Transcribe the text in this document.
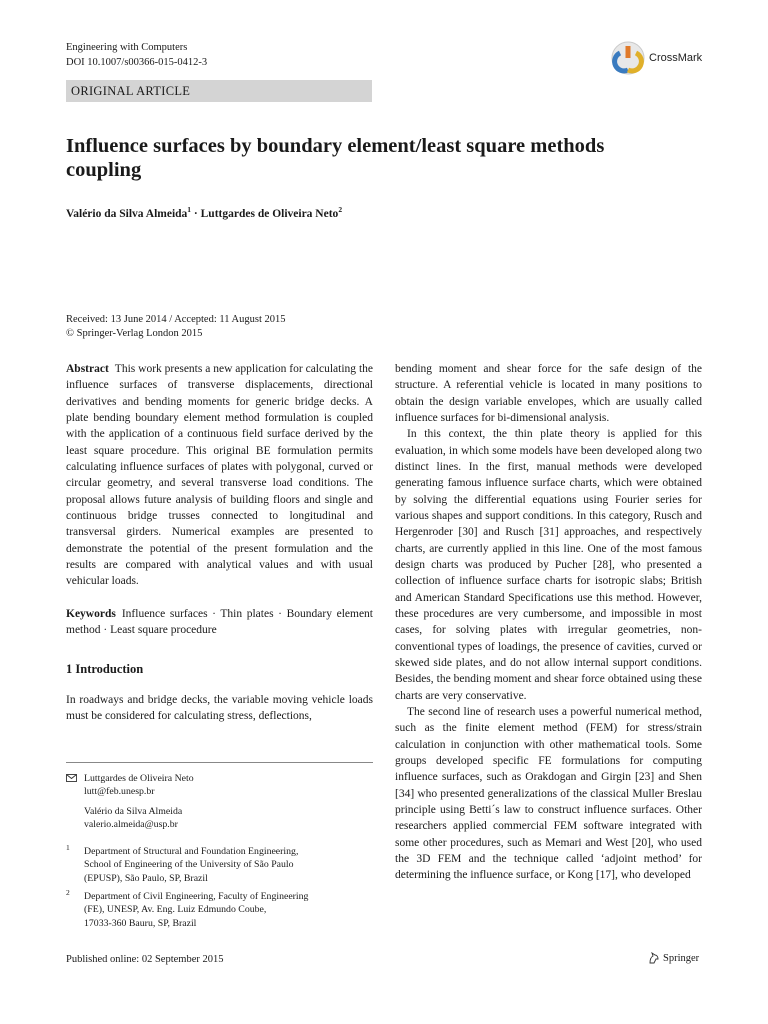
Engineering with Computers
DOI 10.1007/s00366-015-0412-3	CrossMark
ORIGINAL ARTICLE
Influence surfaces by boundary element/least square methods coupling
Valério da Silva Almeida$^1$ · Luttgardes de Oliveira Neto$^2$
Received: 13 June 2014 / Accepted: 11 August 2015
© Springer-Verlag London 2015

Abstract This work presents a new application for calculating the influence surfaces of transverse displacements, directional derivatives and bending moments for generic bridge decks. A plate bending boundary element method formulation is coupled with the application of a continuous field surface derived by the least square procedure. This original BE formulation permits calculating influence surfaces of plates with polygonal, curved or circular geometry, and several transverse load conditions. The proposal allows future analysis of building floors and single and continuous bridge trusses connected to longitudinal and transversal girders. Numerical examples are presented to demonstrate the potential of the present formulation and the results are compared with analytical values and with usual vehicular loads.

Keywords Influence surfaces · Thin plates · Boundary element method · Least square procedure

1 Introduction

In roadways and bridge decks, the variable moving vehicle loads must be considered for calculating stress, deflections,

Luttgardes de Oliveira Neto
lutt@feb.unesp.br
Valério da Silva Almeida
valerio.almeida@usp.br
1 Department of Structural and Foundation Engineering,
School of Engineering of the University of São Paulo
(EPUSP), São Paulo, SP, Brazil
2 Department of Civil Engineering, Faculty of Engineering
(FE), UNESP, Av. Eng. Luiz Edmundo Coube,
17033-360 Bauru, SP, Brazil

bending moment and shear force for the safe design of the structure. A referential vehicle is located in many positions to obtain the design variable envelopes, which are usually called influence surfaces for bi-dimensional analysis.

In this context, the thin plate theory is applied for this evaluation, in which some models have been developed along two distinct lines. In the first, manual methods were developed generating famous influence surface charts, which were obtained by solving the differential equations using Fourier series for various shapes and support conditions. In this category, Rusch and Hergenroder [30] and Rusch [31] approaches, and respectively charts, are currently applied in this line. One of the most famous design charts was produced by Pucher [28], who presented a collection of influence surface charts for isotropic slabs; British and American Standard Specifications use this method. However, these procedures are very cumbersome, and impossible in most cases, for solving plates with irregular geometries, non-conventional types of loadings, the presence of cavities, curved or skewed side plates, and do not allow internal support conditions. Besides, the bending moment and shear force obtained using these charts are very conservative.

The second line of research uses a powerful numerical method, such as the finite element method (FEM) for stress/strain calculation in conjunction with other mathematical tools. Some groups developed specific FE formulations for computing influence surfaces, such as Orakdogan and Girgin [23] and Shen [34] who presented generalizations of the classical Muller Breslau principle using Betti´s law to construct influence surfaces. Other researchers applied commercial FEM software integrated with some other procedures, such as Memari and West [20], who used the 3D FEM and the technique called ‘adjoint method’ for determining the influence surface, or Kong [17], who developed

Published online: 02 September 2015	Springer
